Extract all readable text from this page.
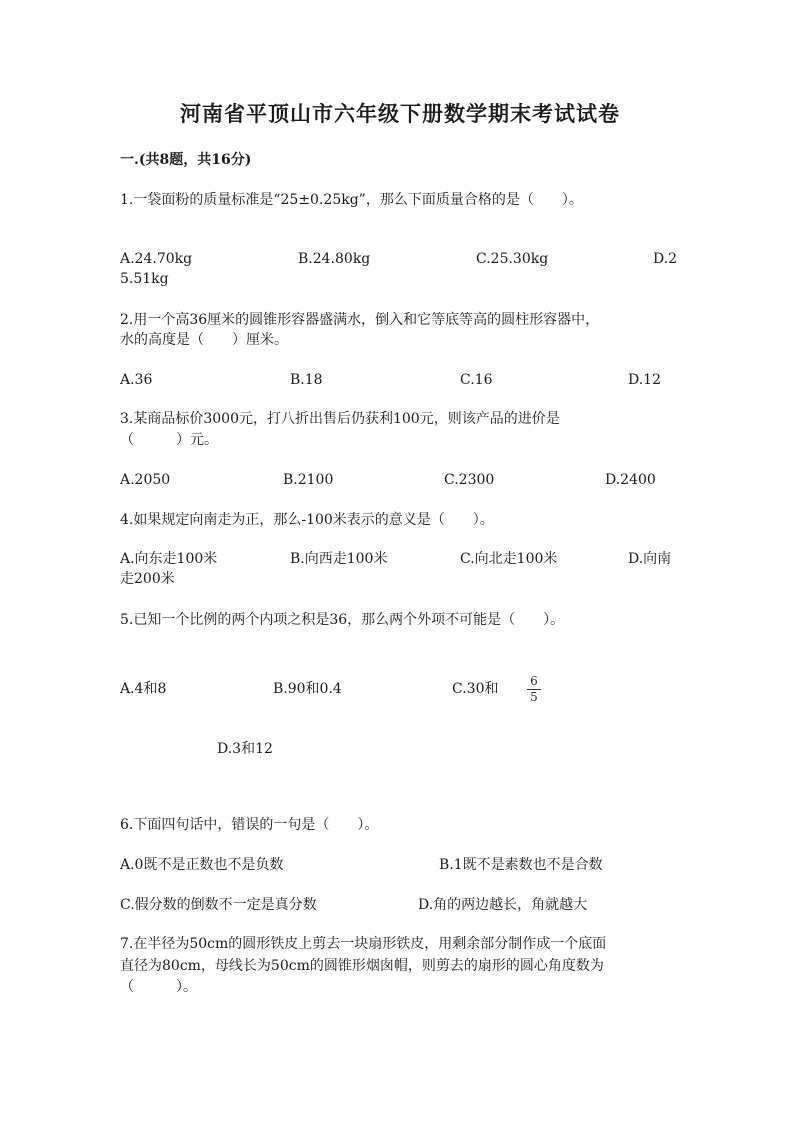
河南省平顶山市六年级下册数学期末考试试卷
一.(共8题，共16分)
1.一袋面粉的质量标准是“25±0.25kg”，那么下面质量合格的是（　　）。
A.24.70kg	B.24.80kg	C.25.30kg	D.2
5.51kg
2.用一个高36厘米的圆锥形容器盛满水，倒入和它等底等高的圆柱形容器中，
水的高度是（　　）厘米。
A.36	B.18	C.16	D.12
3.某商品标价3000元，打八折出售后仍获利100元，则该产品的进价是
（　　　）元。
A.2050	B.2100	C.2300	D.2400
4.如果规定向南走为正，那么-100米表示的意义是（　　）。
A.向东走100米	B.向西走100米	C.向北走100米	D.向南
走200米
5.已知一个比例的两个内项之积是36，那么两个外项不可能是（　　）。
A.4和8	B.90和0.4	C.30和	6
5
D.3和12
6.下面四句话中，错误的一句是（　　）。
A.0既不是正数也不是负数	B.1既不是素数也不是合数
C.假分数的倒数不一定是真分数	D.角的两边越长，角就越大
7.在半径为50cm的圆形铁皮上剪去一块扇形铁皮，用剩余部分制作成一个底面
直径为80cm，母线长为50cm的圆锥形烟囱帽，则剪去的扇形的圆心角度数为
（　　　）。
